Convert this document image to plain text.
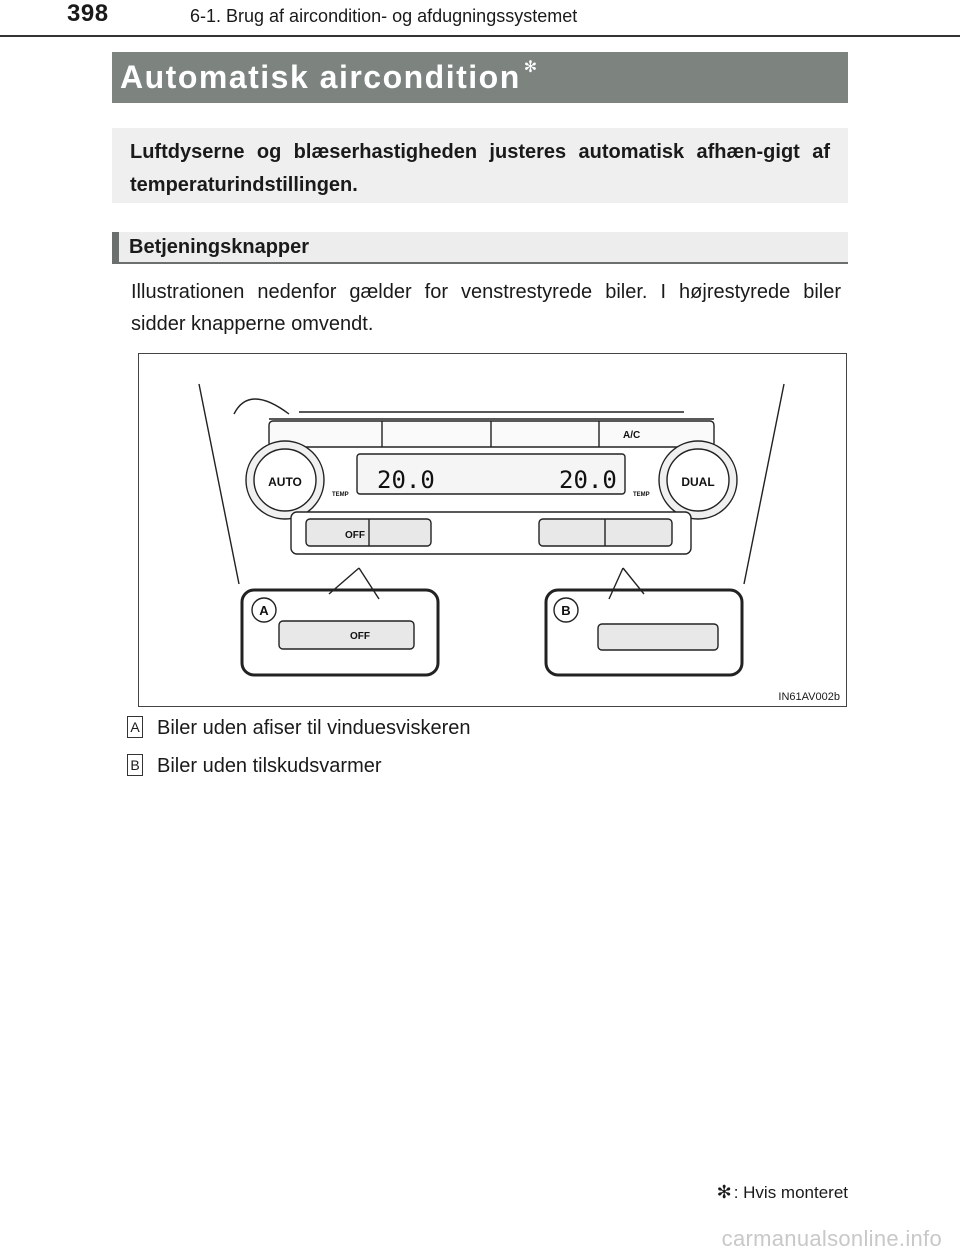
398	6-1. Brug af aircondition- og afdugningssystemet
Automatisk aircondition ✻
Luftdyserne og blæserhastigheden justeres automatisk afhæn-gigt af temperaturindstillingen.
Betjeningsknapper
Illustrationen nedenfor gælder for venstrestyrede biler. I højrestyrede biler sidder knapperne omvendt.
AUTO	DUAL
A/C
TEMP	TEMP
20.0	20.0
OFF
OFF
A	B
IN61AV002b
A Biler uden afiser til vinduesviskeren
B Biler uden tilskudsvarmer
✻ : Hvis monteret
carmanualsonline.info
